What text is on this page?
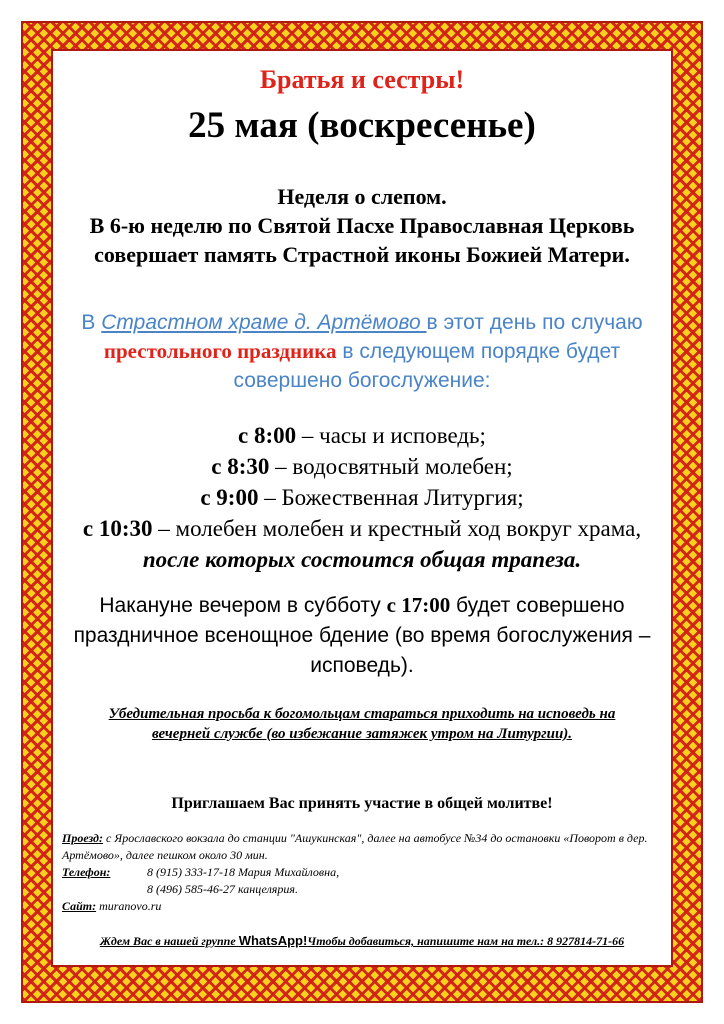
Братья и сестры!

25 мая (воскресенье)

Неделя о слепом.
В 6-ю неделю по Святой Пасхе Православная Церковь совершает память Страстной иконы Божией Матери.

В Страстном храме д. Артёмово в этот день по случаю престольного праздника в следующем порядке будет совершено богослужение:

с 8:00 – часы и исповедь;
с 8:30 – водосвятный молебен;
с 9:00 – Божественная Литургия;
с 10:30 – молебен молебен и крестный ход вокруг храма, после которых состоится общая трапеза.

Накануне вечером в субботу с 17:00 будет совершено праздничное всенощное бдение (во время богослужения – исповедь).

Убедительная просьба к богомольцам стараться приходить на исповедь на вечерней службе (во избежание затяжек утром на Литургии).

Приглашаем Вас принять участие в общей молитве!

Проезд: с Ярославского вокзала до станции "Ашукинская", далее на автобусе №34 до остановки «Поворот в дер. Артёмово», далее пешком около 30 мин.
Телефон:	8 (915) 333-17-18 Мария Михайловна,
8 (496) 585-46-27 канцелярия.
Сайт: muranovo.ru
Ждем Вас в нашей группе WhatsApp!Чтобы добавиться, напишите нам на тел.: 8 927814-71-66
